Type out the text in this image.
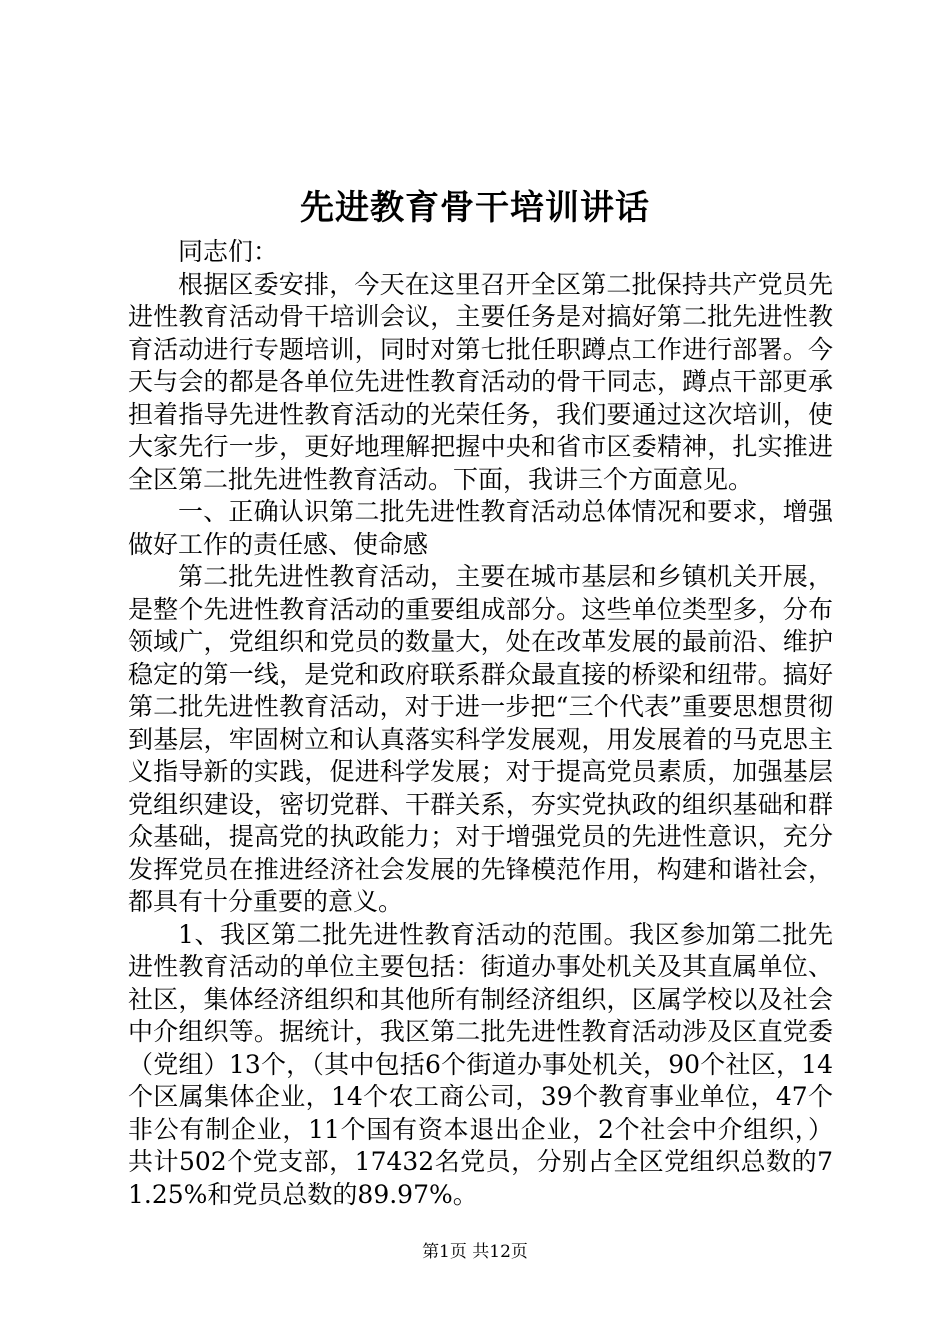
先进教育骨干培训讲话

同志们：

根据区委安排，今天在这里召开全区第二批保持共产党员先进性教育活动骨干培训会议，主要任务是对搞好第二批先进性教育活动进行专题培训，同时对第七批任职蹲点工作进行部署。今天与会的都是各单位先进性教育活动的骨干同志，蹲点干部更承担着指导先进性教育活动的光荣任务，我们要通过这次培训，使大家先行一步，更好地理解把握中央和省市区委精神，扎实推进全区第二批先进性教育活动。下面，我讲三个方面意见。

一、正确认识第二批先进性教育活动总体情况和要求，增强做好工作的责任感、使命感

第二批先进性教育活动，主要在城市基层和乡镇机关开展，是整个先进性教育活动的重要组成部分。这些单位类型多，分布领域广，党组织和党员的数量大，处在改革发展的最前沿、维护稳定的第一线，是党和政府联系群众最直接的桥梁和纽带。搞好第二批先进性教育活动，对于进一步把“三个代表”重要思想贯彻到基层，牢固树立和认真落实科学发展观，用发展着的马克思主义指导新的实践，促进科学发展；对于提高党员素质，加强基层党组织建设，密切党群、干群关系，夯实党执政的组织基础和群众基础，提高党的执政能力；对于增强党员的先进性意识，充分发挥党员在推进经济社会发展的先锋模范作用，构建和谐社会，都具有十分重要的意义。

1、我区第二批先进性教育活动的范围。我区参加第二批先进性教育活动的单位主要包括：街道办事处机关及其直属单位、社区，集体经济组织和其他所有制经济组织，区属学校以及社会中介组织等。据统计，我区第二批先进性教育活动涉及区直党委（党组）13个，（其中包括6个街道办事处机关，90个社区，14个区属集体企业，14个农工商公司，39个教育事业单位，47个非公有制企业，11个国有资本退出企业，2个社会中介组织，）共计502个党支部，17432名党员，分别占全区党组织总数的71.25%和党员总数的89.97%。

第1页 共12页
